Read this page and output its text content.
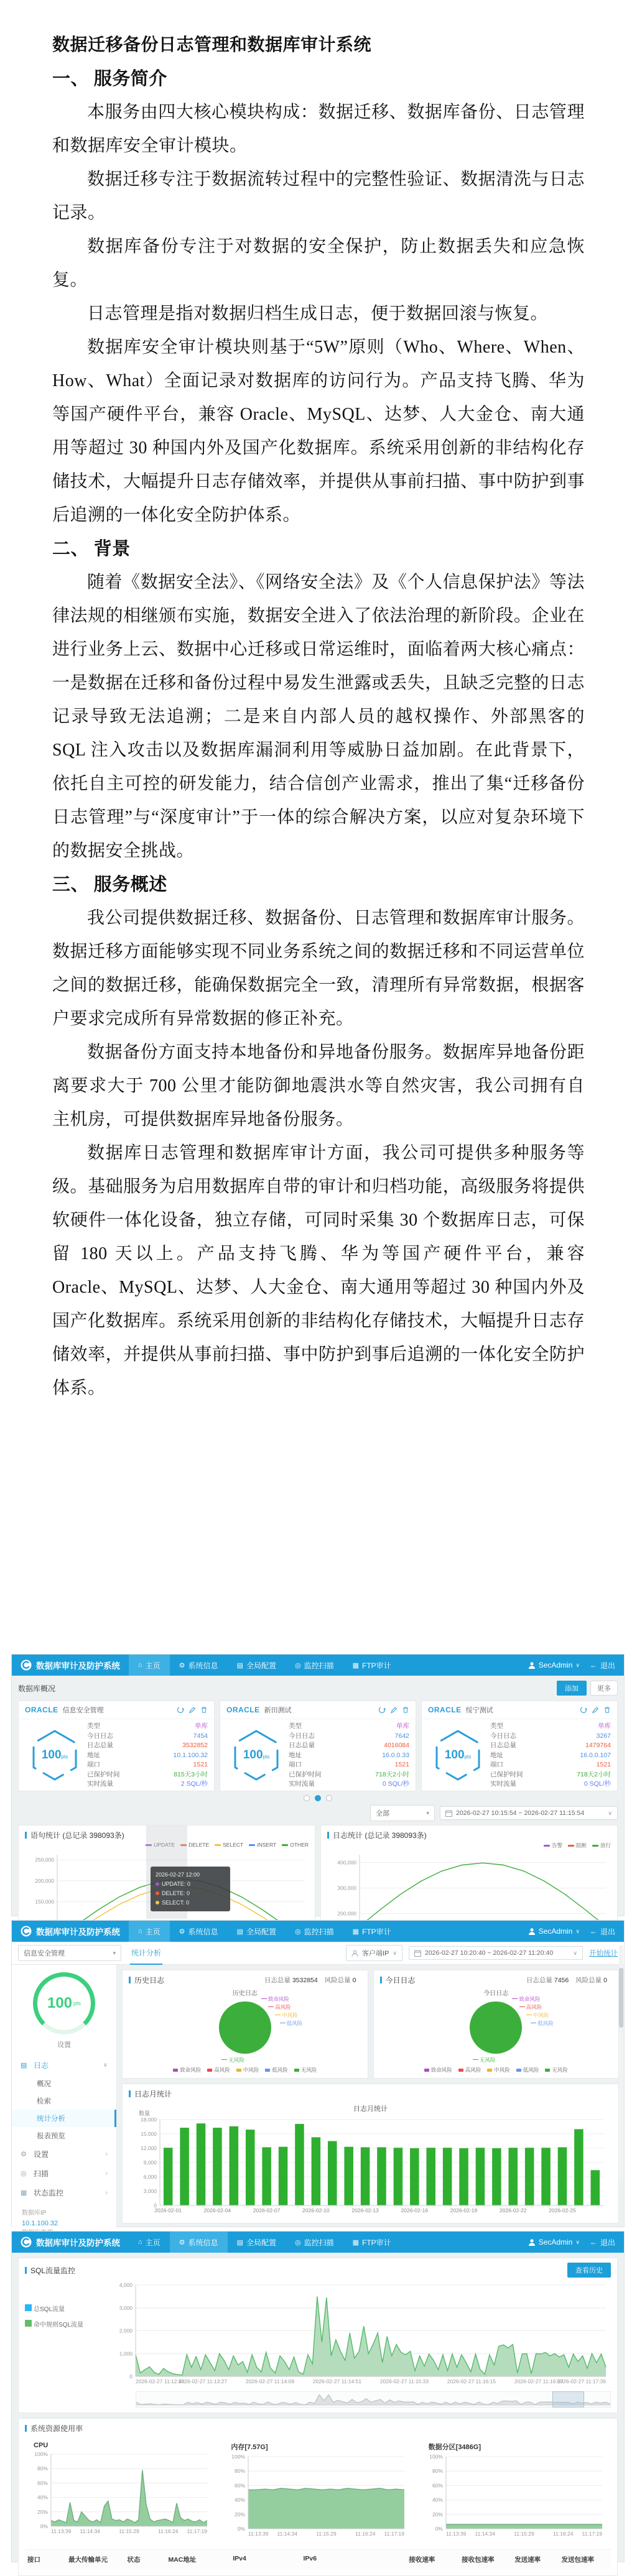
数据迁移备份日志管理和数据库审计系统

一、 服务简介

本服务由四大核心模块构成：数据迁移、数据库备份、日志管理和数据库安全审计模块。

数据迁移专注于数据流转过程中的完整性验证、数据清洗与日志记录。

数据库备份专注于对数据的安全保护，防止数据丢失和应急恢复。

日志管理是指对数据归档生成日志，便于数据回滚与恢复。

数据库安全审计模块则基于“5W”原则（Who、Where、When、How、What）全面记录对数据库的访问行为。产品支持飞腾、华为等国产硬件平台，兼容 Oracle、MySQL、达梦、人大金仓、南大通用等超过 30 种国内外及国产化数据库。系统采用创新的非结构化存储技术，大幅提升日志存储效率，并提供从事前扫描、事中防护到事后追溯的一体化安全防护体系。

二、 背景

随着《数据安全法》、《网络安全法》及《个人信息保护法》等法律法规的相继颁布实施，数据安全进入了依法治理的新阶段。企业在进行业务上云、数据中心迁移或日常运维时，面临着两大核心痛点：一是数据在迁移和备份过程中易发生泄露或丢失，且缺乏完整的日志记录导致无法追溯；二是来自内部人员的越权操作、外部黑客的 SQL 注入攻击以及数据库漏洞利用等威胁日益加剧。在此背景下，依托自主可控的研发能力，结合信创产业需求，推出了集“迁移备份日志管理”与“深度审计”于一体的综合解决方案，以应对复杂环境下的数据安全挑战。

三、 服务概述

我公司提供数据迁移、数据备份、日志管理和数据库审计服务。数据迁移方面能够实现不同业务系统之间的数据迁移和不同运营单位之间的数据迁移，能确保数据完全一致，清理所有异常数据，根据客户要求完成所有异常数据的修正补充。

数据备份方面支持本地备份和异地备份服务。数据库异地备份距离要求大于 700 公里才能防御地震洪水等自然灾害，我公司拥有自主机房，可提供数据库异地备份服务。

数据库日志管理和数据库审计方面，我公司可提供多种服务等级。基础服务为启用数据库自带的审计和归档功能，高级服务将提供软硬件一体化设备，独立存储，可同时采集 30 个数据库日志，可保留 180 天以上。产品支持飞腾、华为等国产硬件平台，兼容 Oracle、MySQL、达梦、人大金仓、南大通用等超过 30 种国内外及国产化数据库。系统采用创新的非结构化存储技术，大幅提升日志存储效率，并提供从事前扫描、事中防护到事后追溯的一体化安全防护体系。

数据库审计及防护系统	⌂ 主页	⚙ 系统信息	▤ 全局配置	◎ 监控扫描	▦ FTP审计	SecAdmin ∨ ← 退出
数据库概况	添加	更多
ORACLE 信息安全管理
100pts
类型	单库
今日日志	7454
日志总量	3532852
地址	10.1.100.32
端口	1521
已保护时间	815天3小时
实时流量	2 SQL/秒
ORACLE 新田测试
100pts
类型	单库
今日日志	7642
日志总量	4016084
地址	16.0.0.33
端口	1521
已保护时间	718天2小时
实时流量	0 SQL/秒
ORACLE 绥宁测试
100pts
类型	单库
今日日志	3267
日志总量	1479764
地址	16.0.0.107
端口	1521
已保护时间	718天2小时
实时流量	0 SQL/秒
全部	▾	2026-02-27 10:15:54 ~ 2026-02-27 11:15:54	∨
语句统计 (总记录 398093条)
UPDATE	DELETE	SELECT	INSERT	OTHER
150,000
200,000
250,000
2026-02-27 12:00
UPDATE: 0
DELETE: 0
SELECT: 0
日志统计 (总记录 398093条)
告警	阻断	放行
200,000
300,000
400,000
数据库审计及防护系统	⌂ 主页	⚙ 系统信息	▤ 全局配置	◎ 监控扫描	▦ FTP审计	SecAdmin ∨ ← 退出
信息安全管理	▾ 统计分析	客户端IP ∨	2026-02-27 10:20:40 ~ 2026-02-27 11:20:40	∨ 开始统计
100 pts
设置
▤ 日志	∨
概况
检索
统计分析
报表预览
⚙ 设置	›
◎ 扫描	›
▦ 状态监控	›
数据库IP
10.1.100.32
历史日志	日志总量 3532854 风险总量 0
历史日志
致命风险
高风险
中风险
低风险
无风险
致命风险	高风险	中风险	低风险	无风险
今日日志	日志总量 7456 风险总量 0
今日日志
致命风险
高风险
中风险
低风险
无风险
致命风险	高风险	中风险	低风险	无风险
日志月统计
日志月统计
数量
0
3,000
6,000
9,000
12,000
15,000
18,000
2026-02-01	2026-02-04	2026-02-07	2026-02-10	2026-02-13	2026-02-16	2026-02-19	2026-02-22	2026-02-25
数据库审计及防护系统	⌂ 主页	⚙ 系统信息	▤ 全局配置	◎ 监控扫描	▦ FTP审计	SecAdmin ∨ ← 退出
SQL流量监控	查看历史
总SQL流量
命中规则SQL流量
0
1,000
2,000
3,000
4,000
2026-02-27 11:12:45
2026-02-27 11:13:27	2026-02-27 11:14:09	2026-02-27 11:14:51	2026-02-27 11:15:33	2026-02-27 11:16:15	2026-02-27 11:16:57
2026-02-27 11:17:39
系统资源使用率
CPU
0%
20%
40%
60%
80%
100%
11:13:39 11:14:34	11:15:29	11:16:24 11:17:19
内存[7.57G]
0%
20%
40%
60%
80%
100%
11:13:39 11:14:34	11:15:29	11:16:24 11:17:19
数据分区[3486G]
0%
20%
40%
60%
80%
100%
11:13:39 11:14:34	11:15:29	11:16:24 11:17:19
接口	最大传输单元	状态	MAC地址	IPv4	IPv6	接收速率	接收包速率	发送速率	发送包速率
